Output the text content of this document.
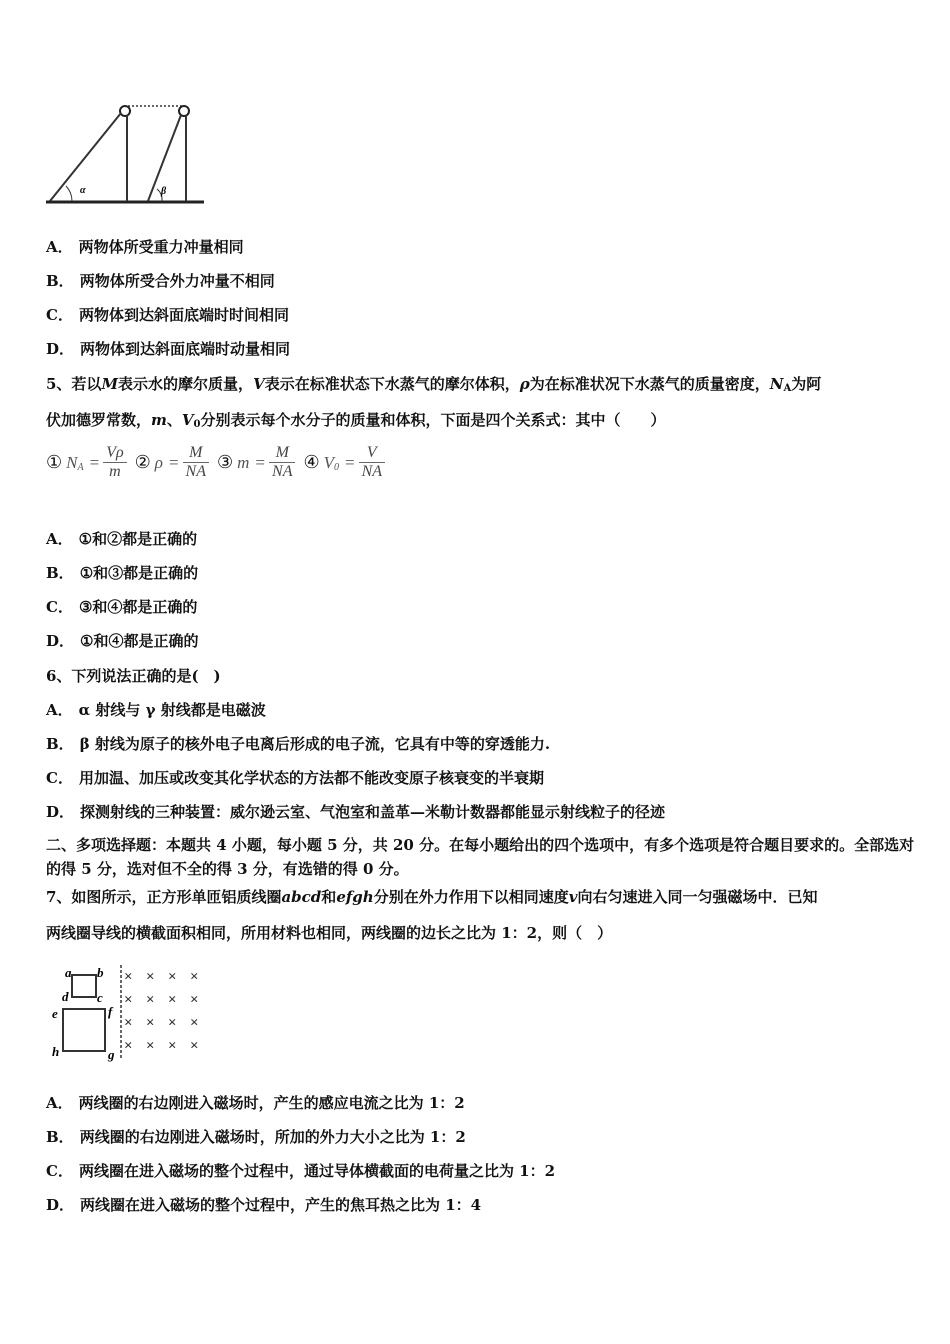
α	β
A． 两物体所受重力冲量相同
B． 两物体所受合外力冲量不相同
C． 两物体到达斜面底端时时间相同
D． 两物体到达斜面底端时动量相同
5、若以M表示水的摩尔质量，V表示在标准状态下水蒸气的摩尔体积，ρ为在标准状况下水蒸气的质量密度，$N_A$为阿
伏加德罗常数，m、$V_0$分别表示每个水分子的质量和体积，下面是四个关系式：其中（　　）
① $N_A = \frac{V\rho}{m}$ ② $\rho = \frac{M}{NA}$ ③ $m = \frac{M}{NA}$ ④ $V_0 = \frac{V}{NA}$
A． ①和②都是正确的
B． ①和③都是正确的
C． ③和④都是正确的
D． ①和④都是正确的
6、下列说法正确的是(　)
A． α 射线与 γ 射线都是电磁波
B． β 射线为原子的核外电子电离后形成的电子流，它具有中等的穿透能力.
C． 用加温、加压或改变其化学状态的方法都不能改变原子核衰变的半衰期
D． 探测射线的三种装置：威尔逊云室、气泡室和盖革—米勒计数器都能显示射线粒子的径迹
二、多项选择题：本题共 4 小题，每小题 5 分，共 20 分。在每小题给出的四个选项中，有多个选项是符合题目要求的。全部选对的得 5 分，选对但不全的得 3 分，有选错的得 0 分。
7、如图所示，正方形单匝铝质线圈abcd和efgh分别在外力作用下以相同速度v向右匀速进入同一匀强磁场中．已知
两线圈导线的横截面积相同，所用材料也相同，两线圈的边长之比为 1：2，则（　）
a b
c
d
e	f
g
h
× × × ×
× × × ×
× × × ×
× × × ×
A． 两线圈的右边刚进入磁场时，产生的感应电流之比为 1：2
B． 两线圈的右边刚进入磁场时，所加的外力大小之比为 1：2
C． 两线圈在进入磁场的整个过程中，通过导体横截面的电荷量之比为 1：2
D． 两线圈在进入磁场的整个过程中，产生的焦耳热之比为 1：4
